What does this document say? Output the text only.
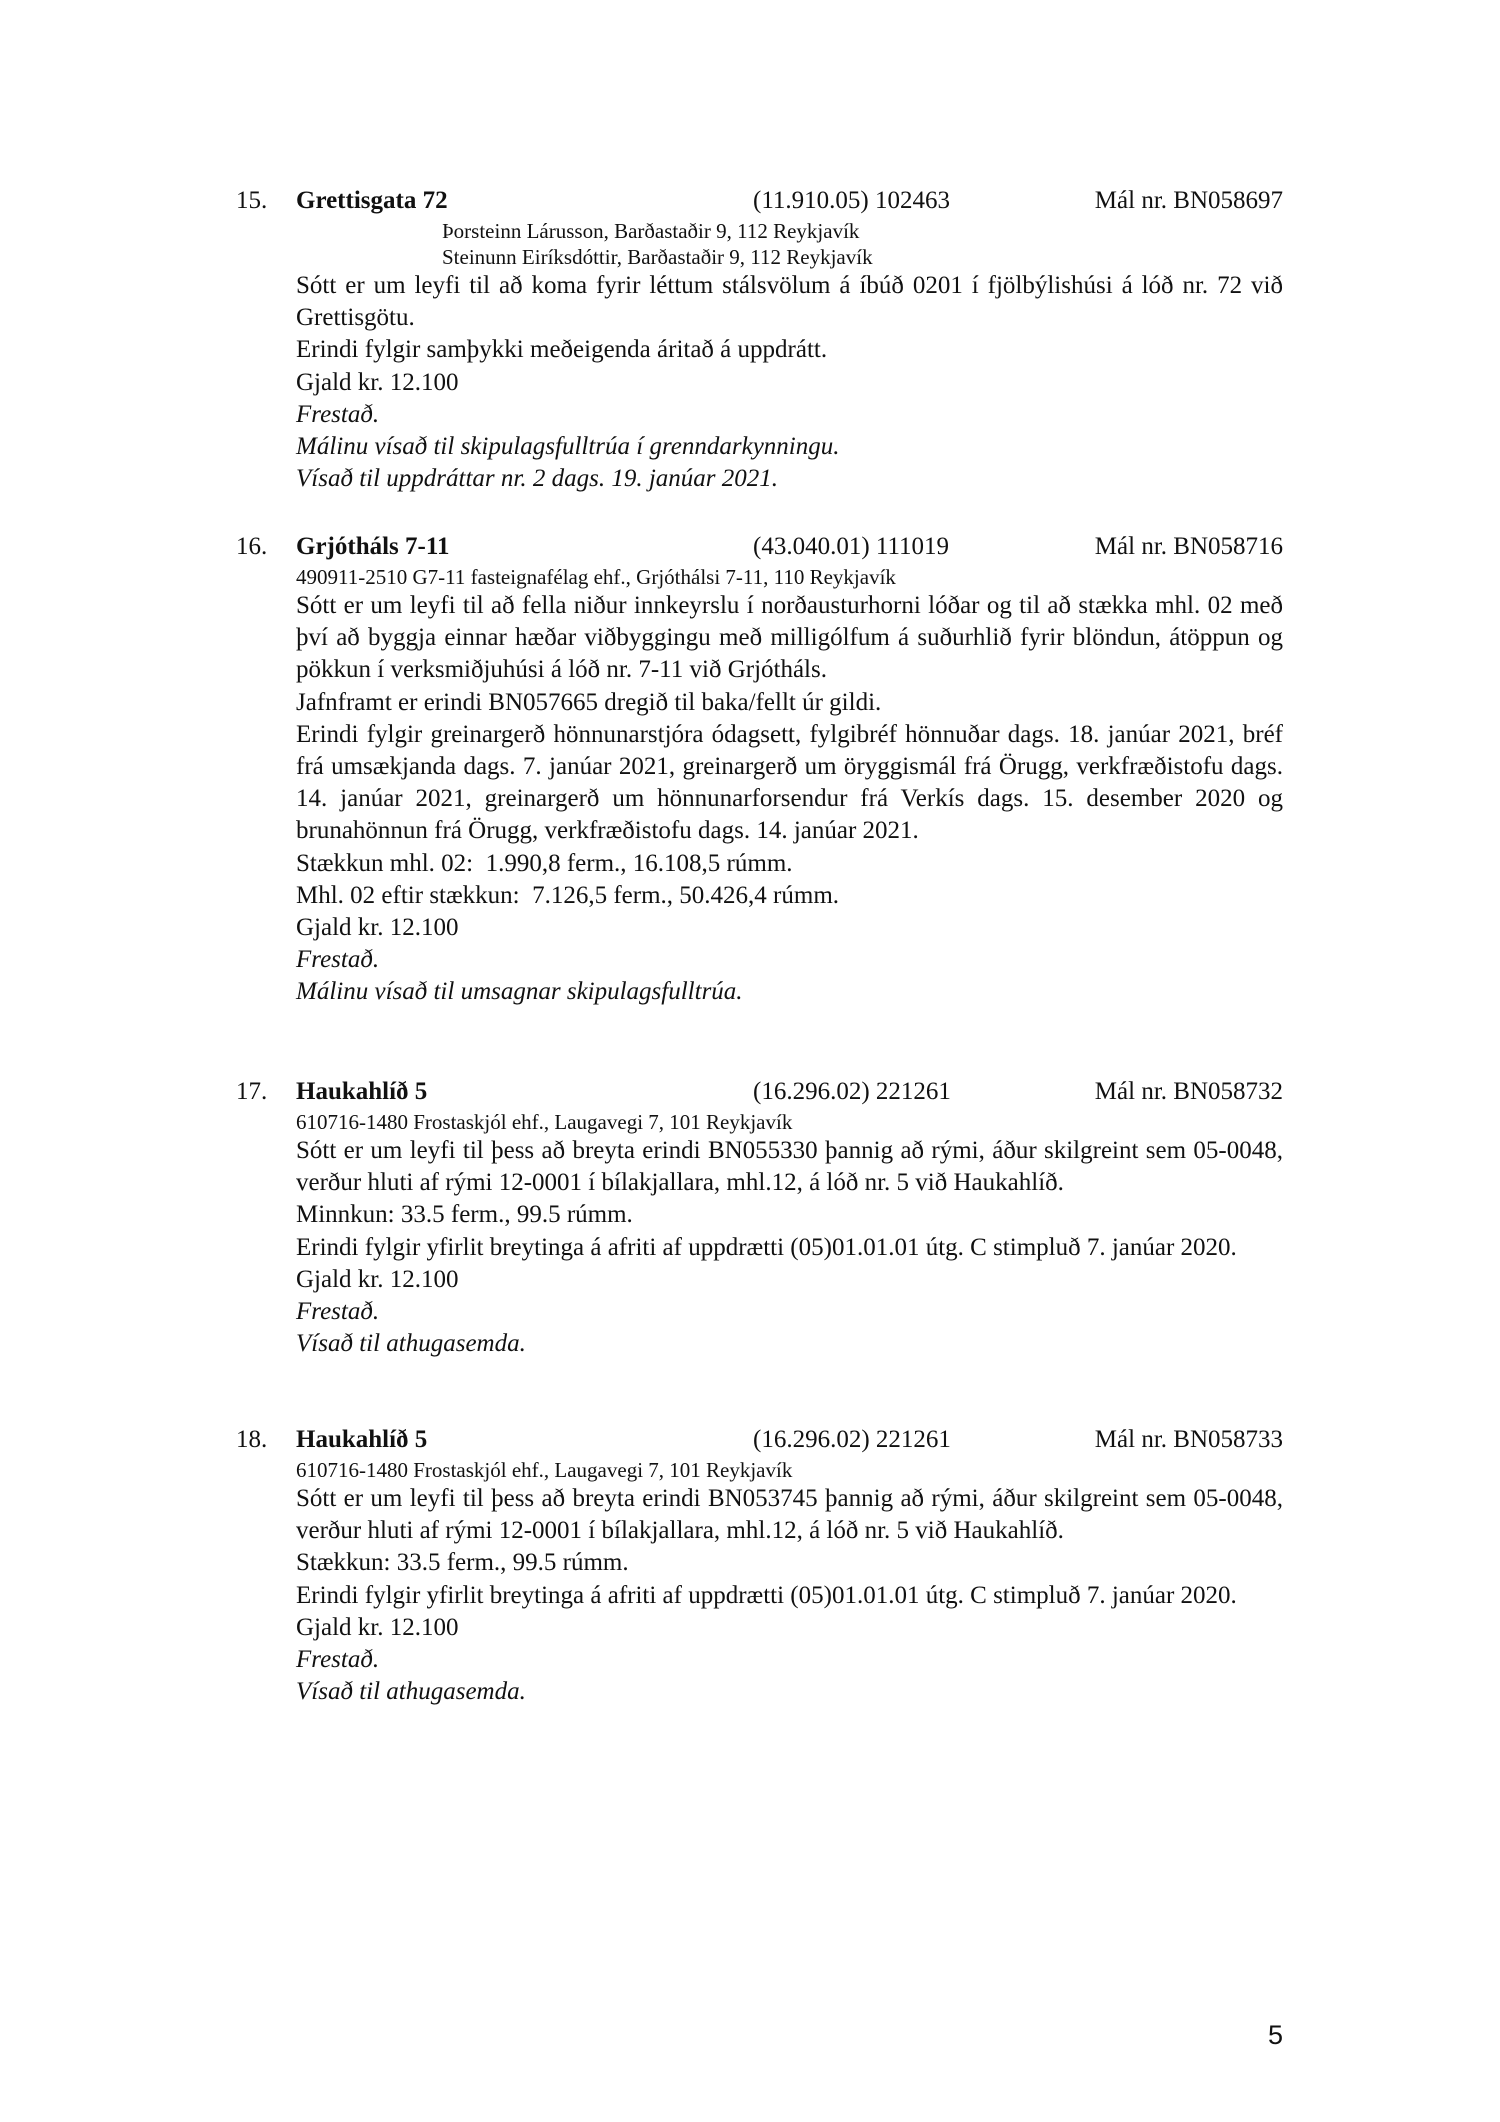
15. Grettisgata 72	(11.910.05) 102463	Mál nr. BN058697
Þorsteinn Lárusson, Barðastaðir 9, 112 Reykjavík
Steinunn Eiríksdóttir, Barðastaðir 9, 112 Reykjavík

Sótt er um leyfi til að koma fyrir léttum stálsvölum á íbúð 0201 í fjölbýlishúsi á lóð nr. 72 við Grettisgötu.

Erindi fylgir samþykki meðeigenda áritað á uppdrátt.

Gjald kr. 12.100

Frestað.

Málinu vísað til skipulagsfulltrúa í grenndarkynningu.

Vísað til uppdráttar nr. 2 dags. 19. janúar 2021.

16. Grjótháls 7-11	(43.040.01) 111019	Mál nr. BN058716
490911-2510 G7-11 fasteignafélag ehf., Grjóthálsi 7-11, 110 Reykjavík

Sótt er um leyfi til að fella niður innkeyrslu í norðausturhorni lóðar og til að stækka mhl. 02 með því að byggja einnar hæðar viðbyggingu með milligólfum á suðurhlið fyrir blöndun, átöppun og pökkun í verksmiðjuhúsi á lóð nr. 7-11 við Grjótháls.

Jafnframt er erindi BN057665 dregið til baka/fellt úr gildi.

Erindi fylgir greinargerð hönnunarstjóra ódagsett, fylgibréf hönnuðar dags. 18. janúar 2021, bréf frá umsækjanda dags. 7. janúar 2021, greinargerð um öryggismál frá Örugg, verkfræðistofu dags. 14. janúar 2021, greinargerð um hönnunarforsendur frá Verkís dags. 15. desember 2020 og brunahönnun frá Örugg, verkfræðistofu dags. 14. janúar 2021.

Stækkun mhl. 02:  1.990,8 ferm., 16.108,5 rúmm.

Mhl. 02 eftir stækkun:  7.126,5 ferm., 50.426,4 rúmm.

Gjald kr. 12.100

Frestað.

Málinu vísað til umsagnar skipulagsfulltrúa.

17. Haukahlíð 5	(16.296.02) 221261	Mál nr. BN058732
610716-1480 Frostaskjól ehf., Laugavegi 7, 101 Reykjavík

Sótt er um leyfi til þess að breyta erindi BN055330 þannig að rými, áður skilgreint sem 05-0048, verður hluti af rými 12-0001 í bílakjallara, mhl.12, á lóð nr. 5 við Haukahlíð.

Minnkun: 33.5 ferm., 99.5 rúmm.

Erindi fylgir yfirlit breytinga á afriti af uppdrætti (05)01.01.01 útg. C stimpluð 7. janúar 2020.

Gjald kr. 12.100

Frestað.

Vísað til athugasemda.

18. Haukahlíð 5	(16.296.02) 221261	Mál nr. BN058733
610716-1480 Frostaskjól ehf., Laugavegi 7, 101 Reykjavík

Sótt er um leyfi til þess að breyta erindi BN053745 þannig að rými, áður skilgreint sem 05-0048, verður hluti af rými 12-0001 í bílakjallara, mhl.12, á lóð nr. 5 við Haukahlíð.

Stækkun: 33.5 ferm., 99.5 rúmm.

Erindi fylgir yfirlit breytinga á afriti af uppdrætti (05)01.01.01 útg. C stimpluð 7. janúar 2020.

Gjald kr. 12.100

Frestað.

Vísað til athugasemda.

5
